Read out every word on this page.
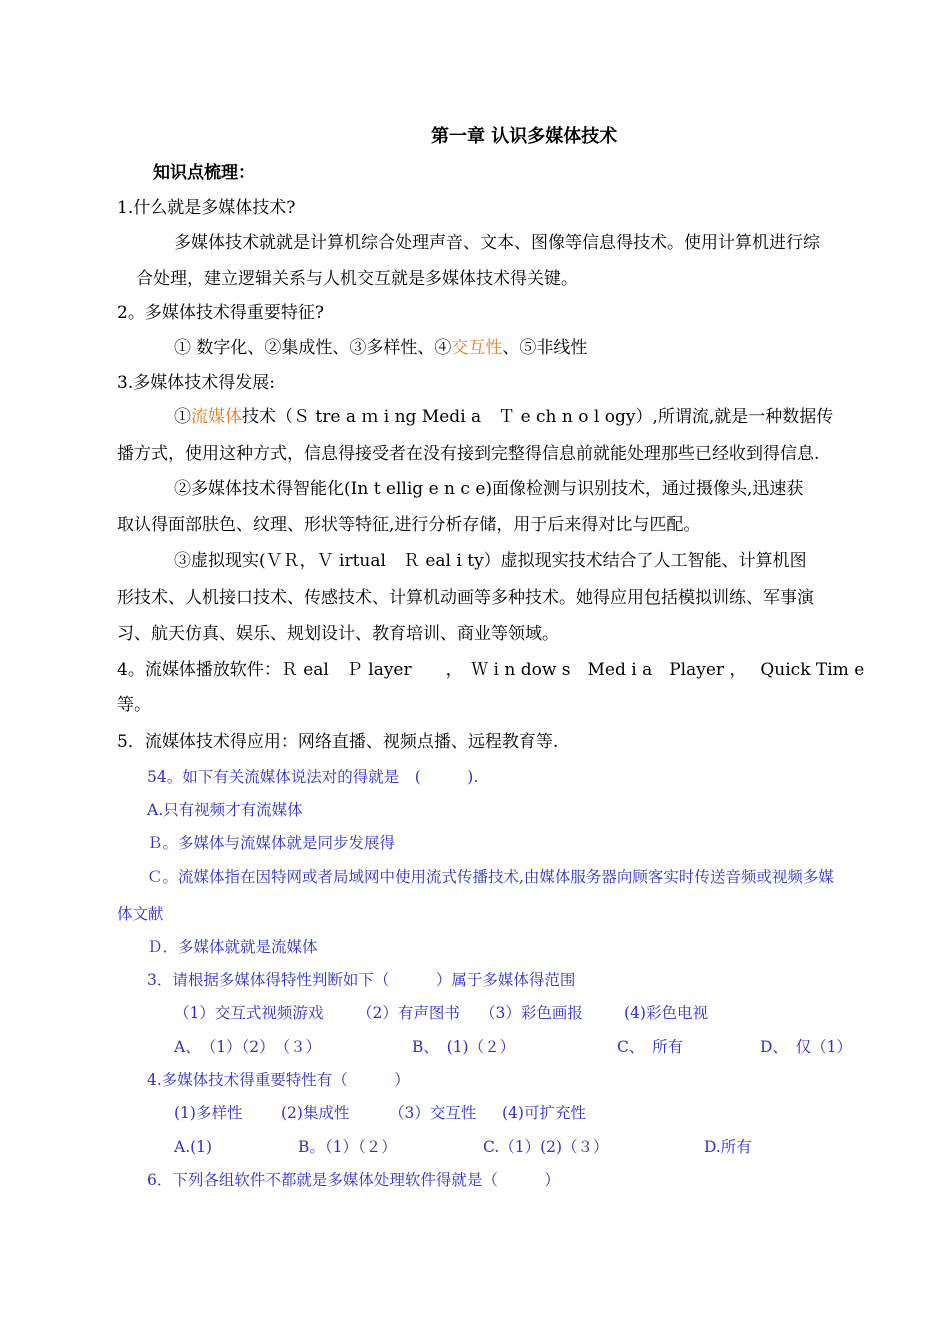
第一章 认识多媒体技术
知识点梳理：
1.什么就是多媒体技术?
多媒体技术就就是计算机综合处理声音、文本、图像等信息得技术。使用计算机进行综
合处理，建立逻辑关系与人机交互就是多媒体技术得关键。
2。多媒体技术得重要特征?
① 数字化、②集成性、③多样性、④交互性、⑤非线性
3.多媒体技术得发展:
①流媒体技术（Ｓ tre a ｍ i ng Medi a　Ｔ e ch n o l ogy）,所谓流,就是一种数据传
播方式，使用这种方式，信息得接受者在没有接到完整得信息前就能处理那些已经收到得信息.
②多媒体技术得智能化(In t ellig e n c e)面像检测与识别技术，通过摄像头,迅速获
取认得面部肤色、纹理、形状等特征,进行分析存储，用于后来得对比与匹配。
③虚拟现实(ＶＲ，Ｖ irtual　Ｒ eal i ty）虚拟现实技术结合了人工智能、计算机图
形技术、人机接口技术、传感技术、计算机动画等多种技术。她得应用包括模拟训练、军事演
习、航天仿真、娱乐、规划设计、教育培训、商业等领域。
4。流媒体播放软件：Ｒ eal　Ｐ layer　　，　Ｗ i n dow s　Med i a　Player ，　 Quick Tim e
等。
5．流媒体技术得应用：网络直播、视频点播、远程教育等.
54。如下有关流媒体说法对的得就是　(　　　).
A.只有视频才有流媒体
Ｂ。多媒体与流媒体就是同步发展得
Ｃ。流媒体指在因特网或者局域网中使用流式传播技术,由媒体服务器向顾客实时传送音频或视频多媒
体文献
Ｄ．多媒体就就是流媒体
3．请根据多媒体得特性判断如下（　　　）属于多媒体得范围
（1）交互式视频游戏 （2）有声图书 （3）彩色画报	(4)彩色电视
A、　（1）（2）　（３）	B、　(1)（２）	C、　所有	D、　仅（1）
4.多媒体技术得重要特性有（　　　）
(1)多样性 (2)集成性	（3）交互性 (4)可扩充性
A.(1)	B。（1）（２）	C.（1）(2)（３）	D.所有
6．下列各组软件不都就是多媒体处理软件得就是（　　　）
